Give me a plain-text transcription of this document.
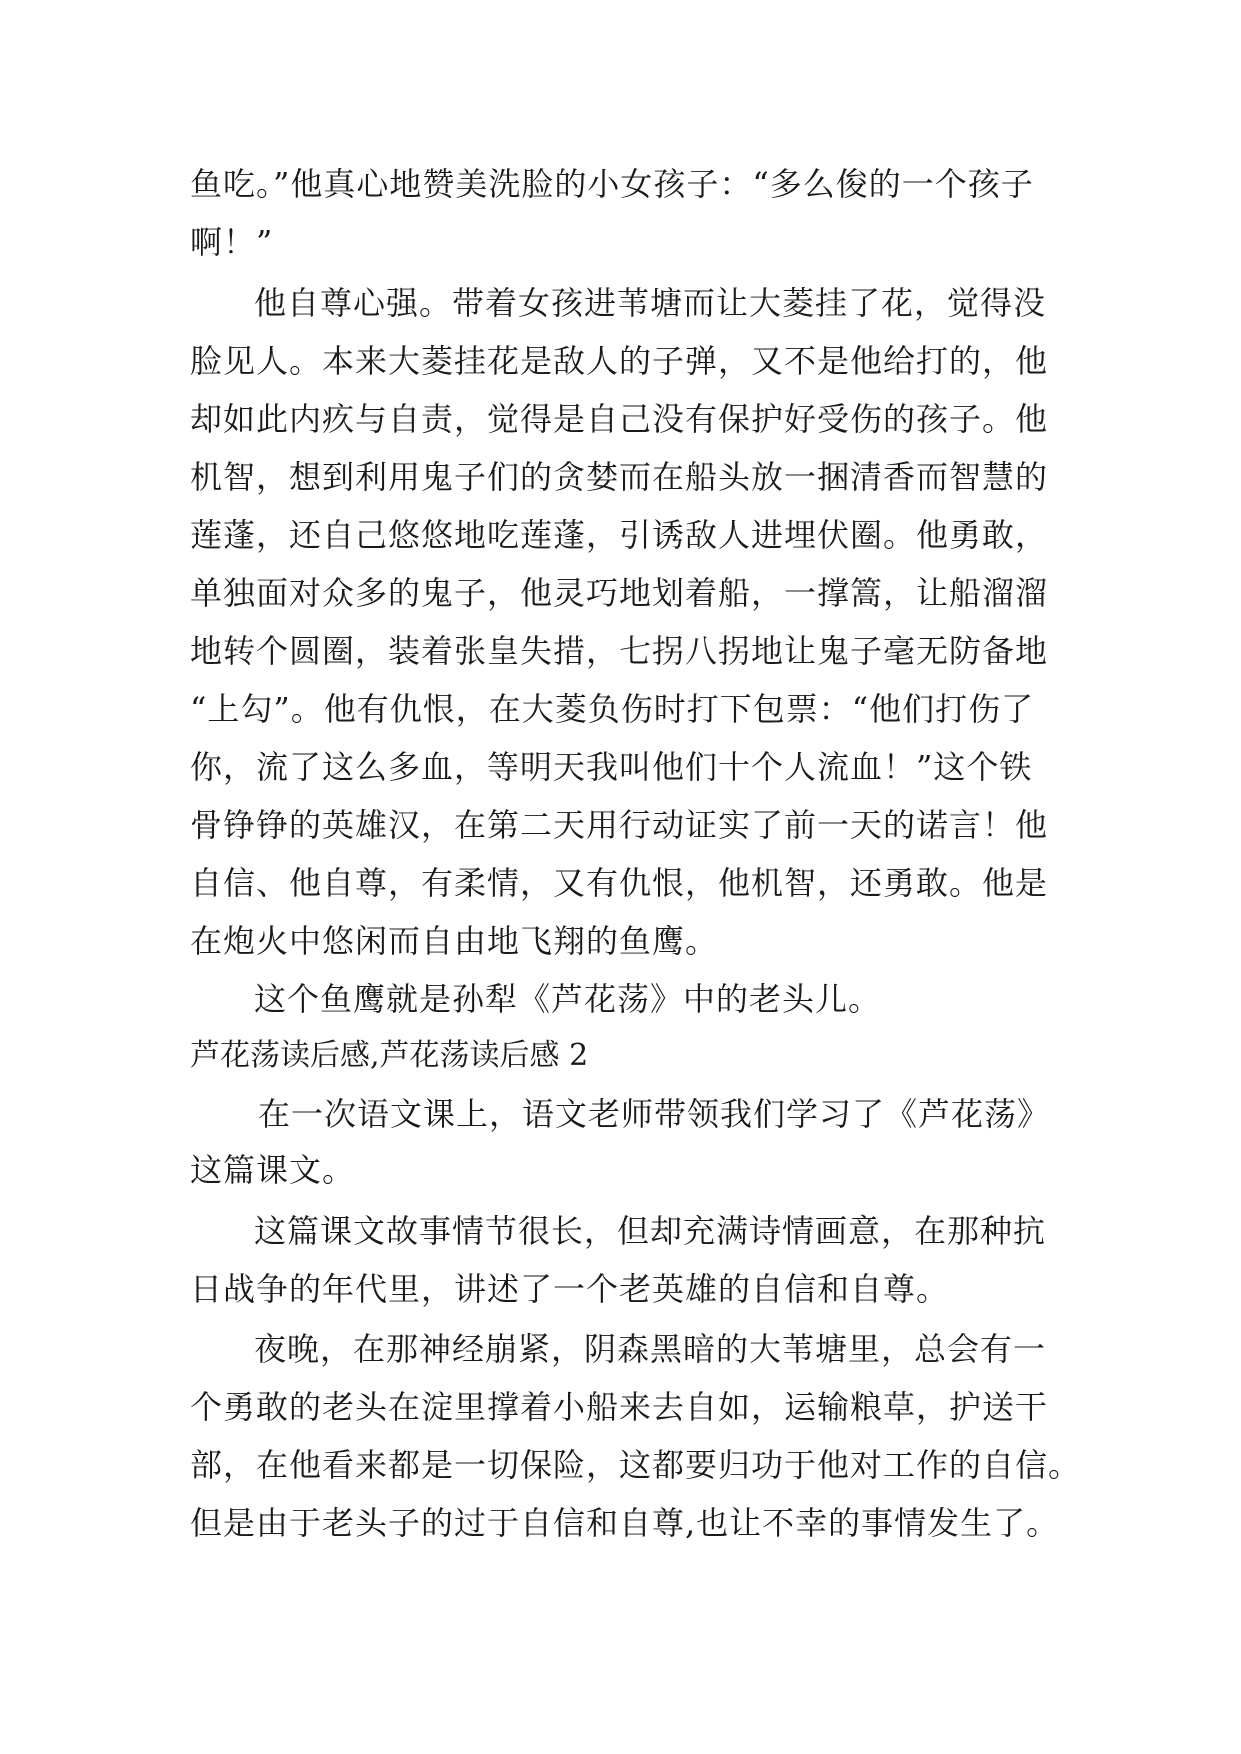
鱼吃。”他真心地赞美洗脸的小女孩子：“多么俊的一个孩子
啊！”
他自尊心强。带着女孩进苇塘而让大菱挂了花，觉得没
脸见人。本来大菱挂花是敌人的子弹，又不是他给打的，他
却如此内疚与自责，觉得是自己没有保护好受伤的孩子。他
机智，想到利用鬼子们的贪婪而在船头放一捆清香而智慧的
莲蓬，还自己悠悠地吃莲蓬，引诱敌人进埋伏圈。他勇敢，
单独面对众多的鬼子，他灵巧地划着船，一撑篙，让船溜溜
地转个圆圈，装着张皇失措，七拐八拐地让鬼子毫无防备地
“上勾”。他有仇恨，在大菱负伤时打下包票：“他们打伤了
你，流了这么多血，等明天我叫他们十个人流血！”这个铁
骨铮铮的英雄汉，在第二天用行动证实了前一天的诺言！他
自信、他自尊，有柔情，又有仇恨，他机智，还勇敢。他是
在炮火中悠闲而自由地飞翔的鱼鹰。
这个鱼鹰就是孙犁《芦花荡》中的老头儿。
芦花荡读后感,芦花荡读后感 2
在一次语文课上，语文老师带领我们学习了《芦花荡》
这篇课文。
这篇课文故事情节很长，但却充满诗情画意，在那种抗
日战争的年代里，讲述了一个老英雄的自信和自尊。
夜晚，在那神经崩紧，阴森黑暗的大苇塘里，总会有一
个勇敢的老头在淀里撑着小船来去自如，运输粮草，护送干
部，在他看来都是一切保险，这都要归功于他对工作的自信。
但是由于老头子的过于自信和自尊,也让不幸的事情发生了。
